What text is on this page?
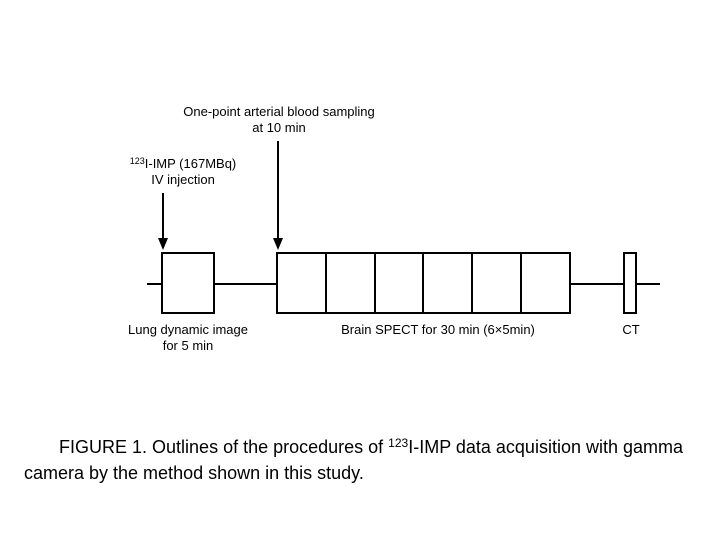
One-point arterial blood sampling
at 10 min
$^{123}$I-IMP (167MBq)
IV injection
Lung dynamic image
for 5 min
Brain SPECT for 30 min (6×5min)	CT
FIGURE 1. Outlines of the procedures of $^{123}$I-IMP data acquisition with gamma camera by the method shown in this study.
